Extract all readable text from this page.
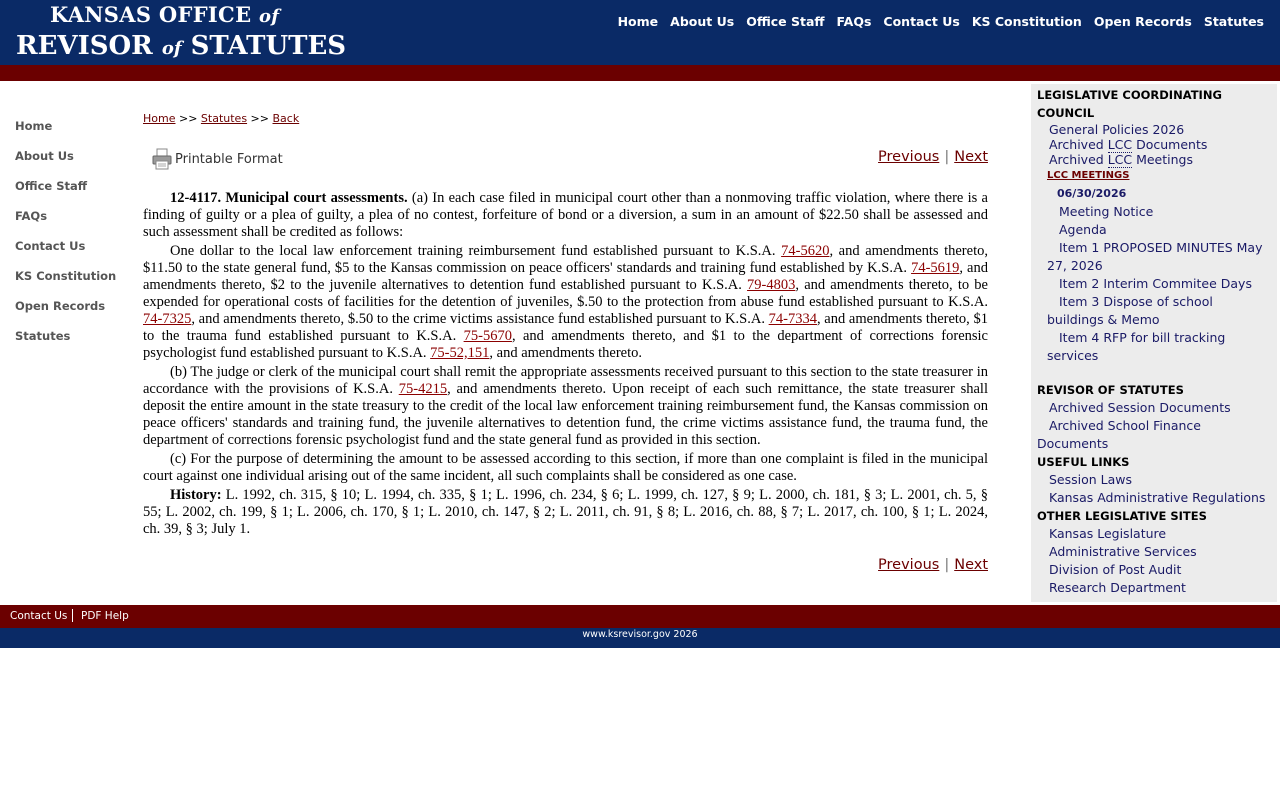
KANSAS OFFICE of
REVISOR of STATUTES
Home About Us Office Staff FAQs Contact Us KS Constitution Open Records Statutes
Home
About Us
Office Staff
FAQs
Contact Us
KS Constitution
Open Records
Statutes
Home >> Statutes >> Back
Printable Format	Previous | Next

12-4117. Municipal court assessments. (a) In each case filed in municipal court other than a nonmoving traffic violation, where there is a finding of guilty or a plea of guilty, a plea of no contest, forfeiture of bond or a diversion, a sum in an amount of $22.50 shall be assessed and such assessment shall be credited as follows:

One dollar to the local law enforcement training reimbursement fund established pursuant to K.S.A. 74-5620, and amendments thereto, $11.50 to the state general fund, $5 to the Kansas commission on peace officers' standards and training fund established by K.S.A. 74-5619, and amendments thereto, $2 to the juvenile alternatives to detention fund established pursuant to K.S.A. 79-4803, and amendments thereto, to be expended for operational costs of facilities for the detention of juveniles, $.50 to the protection from abuse fund established pursuant to K.S.A. 74-7325, and amendments thereto, $.50 to the crime victims assistance fund established pursuant to K.S.A. 74-7334, and amendments thereto, $1 to the trauma fund established pursuant to K.S.A. 75-5670, and amendments thereto, and $1 to the department of corrections forensic psychologist fund established pursuant to K.S.A. 75-52,151, and amendments thereto.

(b) The judge or clerk of the municipal court shall remit the appropriate assessments received pursuant to this section to the state treasurer in accordance with the provisions of K.S.A. 75-4215, and amendments thereto. Upon receipt of each such remittance, the state treasurer shall deposit the entire amount in the state treasury to the credit of the local law enforcement training reimbursement fund, the Kansas commission on peace officers' standards and training fund, the juvenile alternatives to detention fund, the crime victims assistance fund, the trauma fund, the department of corrections forensic psychologist fund and the state general fund as provided in this section.

(c) For the purpose of determining the amount to be assessed according to this section, if more than one complaint is filed in the municipal court against one individual arising out of the same incident, all such complaints shall be considered as one case.

History: L. 1992, ch. 315, § 10; L. 1994, ch. 335, § 1; L. 1996, ch. 234, § 6; L. 1999, ch. 127, § 9; L. 2000, ch. 181, § 3; L. 2001, ch. 5, § 55; L. 2002, ch. 199, § 1; L. 2006, ch. 170, § 1; L. 2010, ch. 147, § 2; L. 2011, ch. 91, § 8; L. 2016, ch. 88, § 7; L. 2017, ch. 100, § 1; L. 2024, ch. 39, § 3; July 1.

Previous | Next
LEGISLATIVE COORDINATING
COUNCIL
General Policies 2026
Archived LCC Documents
Archived LCC Meetings
LCC MEETINGS
06/30/2026
Meeting Notice
Agenda
Item 1 PROPOSED MINUTES May 27, 2026
Item 2 Interim Commitee Days
Item 3 Dispose of school buildings & Memo
Item 4 RFP for bill tracking services
REVISOR OF STATUTES
Archived Session Documents
Archived School Finance
Documents
USEFUL LINKS
Session Laws
Kansas Administrative Regulations
OTHER LEGISLATIVE SITES
Kansas Legislature
Administrative Services
Division of Post Audit
Research Department
Contact Us PDF Help
www.ksrevisor.gov 2026
